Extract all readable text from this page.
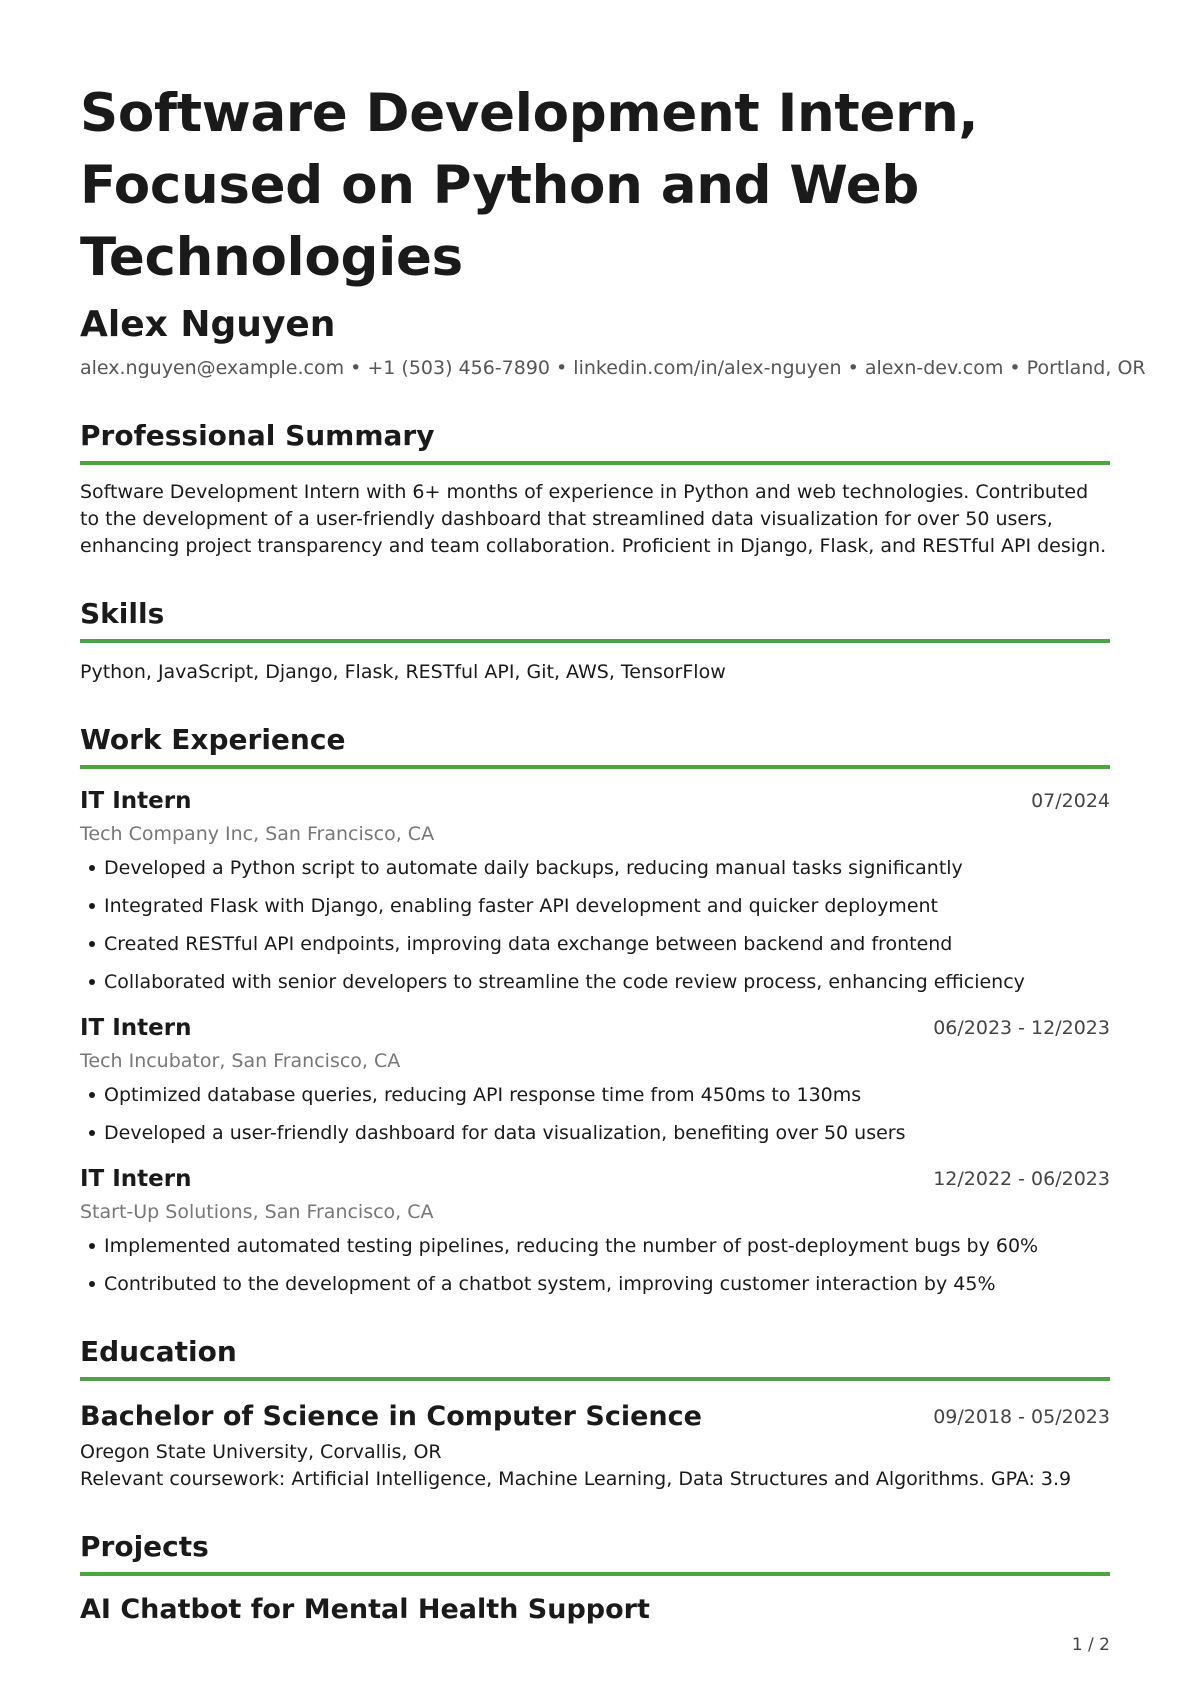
Software Development Intern, Focused on Python and Web Technologies
Alex Nguyen
alex.nguyen@example.com • +1 (503) 456-7890 • linkedin.com/in/alex-nguyen • alexn-dev.com • Portland, OR
Professional Summary
Software Development Intern with 6+ months of experience in Python and web technologies. Contributed to the development of a user-friendly dashboard that streamlined data visualization for over 50 users, enhancing project transparency and team collaboration. Proficient in Django, Flask, and RESTful API design.
Skills
Python, JavaScript, Django, Flask, RESTful API, Git, AWS, TensorFlow
Work Experience
IT Intern	07/2024
Tech Company Inc, San Francisco, CA
Developed a Python script to automate daily backups, reducing manual tasks significantly
Integrated Flask with Django, enabling faster API development and quicker deployment
Created RESTful API endpoints, improving data exchange between backend and frontend
Collaborated with senior developers to streamline the code review process, enhancing efficiency
IT Intern	06/2023 - 12/2023
Tech Incubator, San Francisco, CA
Optimized database queries, reducing API response time from 450ms to 130ms
Developed a user-friendly dashboard for data visualization, benefiting over 50 users
IT Intern	12/2022 - 06/2023
Start-Up Solutions, San Francisco, CA
Implemented automated testing pipelines, reducing the number of post-deployment bugs by 60%
Contributed to the development of a chatbot system, improving customer interaction by 45%
Education
Bachelor of Science in Computer Science	09/2018 - 05/2023
Oregon State University, Corvallis, OR
Relevant coursework: Artificial Intelligence, Machine Learning, Data Structures and Algorithms. GPA: 3.9
Projects
AI Chatbot for Mental Health Support
1 / 2
